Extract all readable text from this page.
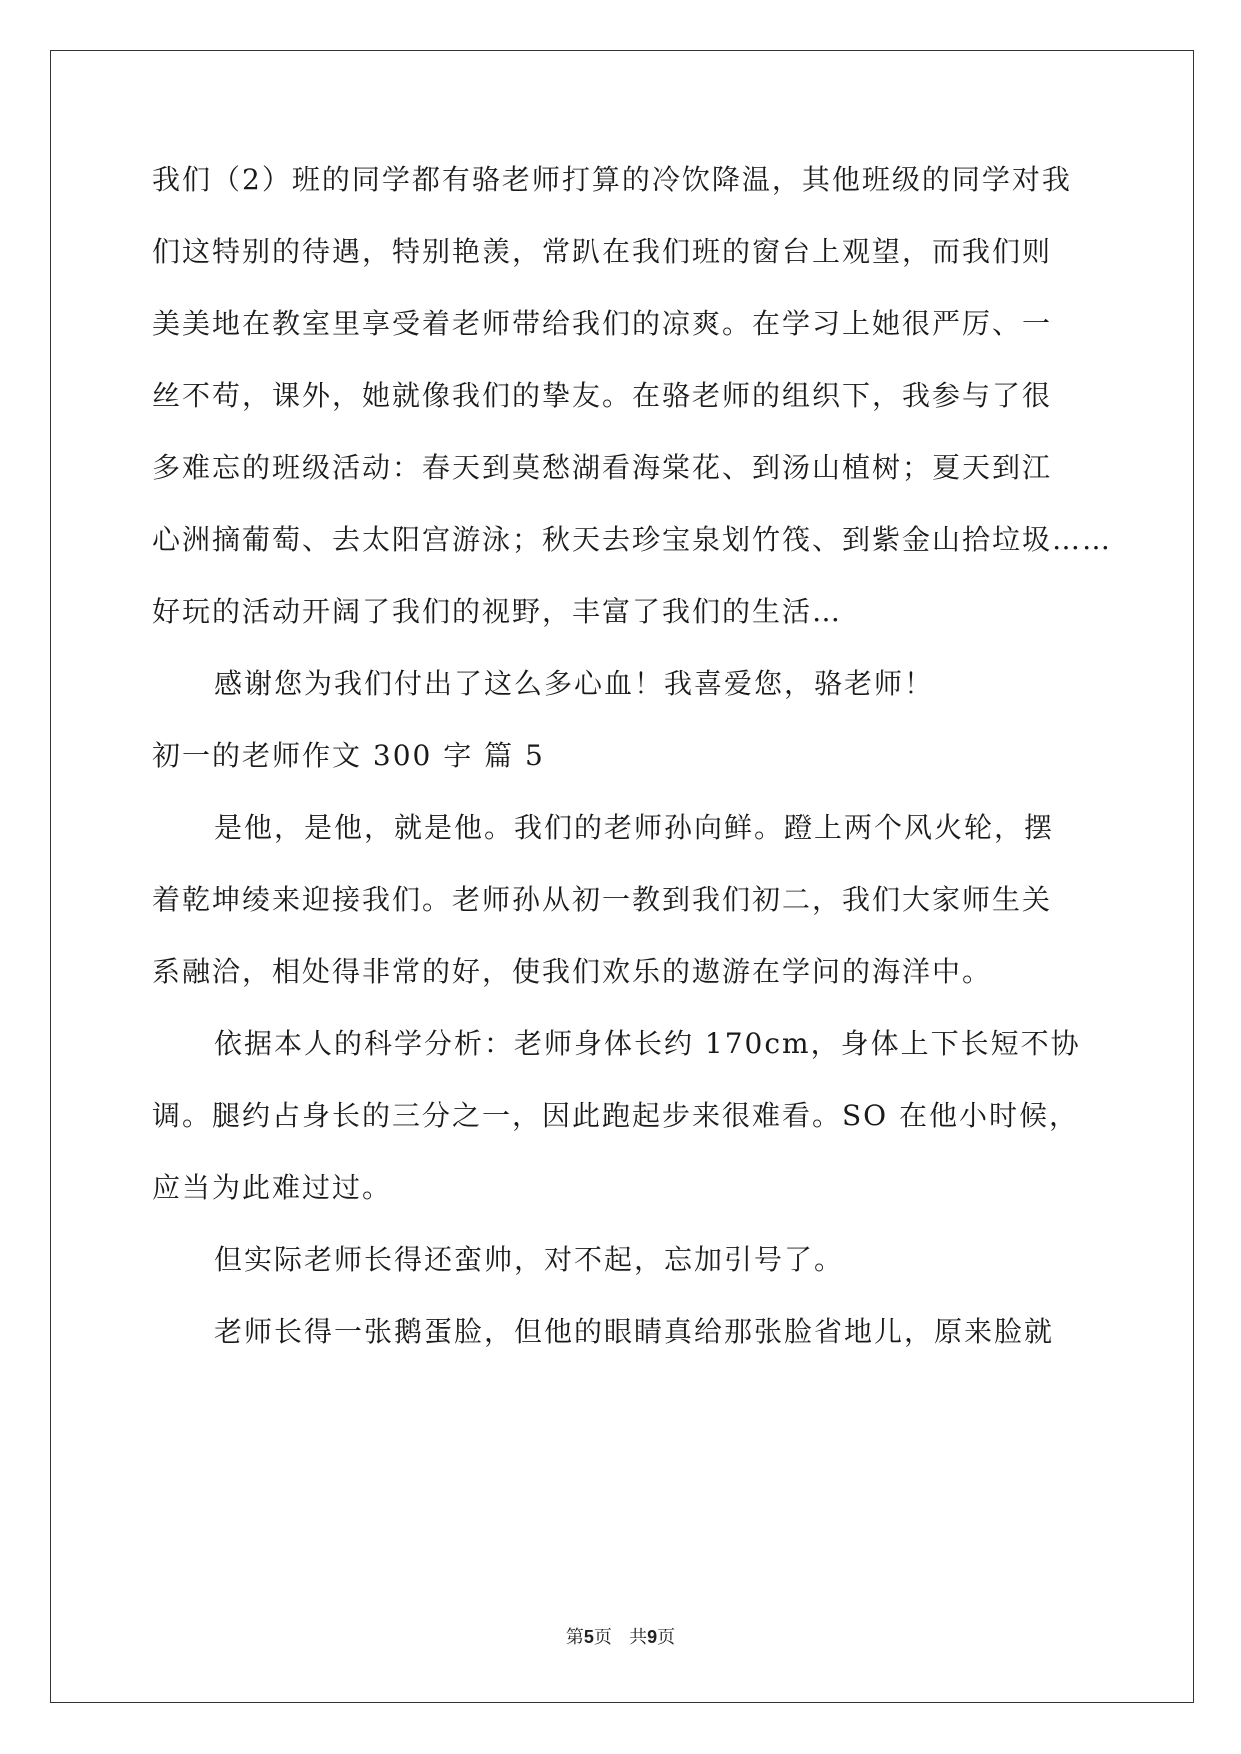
我们（2）班的同学都有骆老师打算的冷饮降温，其他班级的同学对我
们这特别的待遇，特别艳羡，常趴在我们班的窗台上观望，而我们则
美美地在教室里享受着老师带给我们的凉爽。在学习上她很严厉、一
丝不苟，课外，她就像我们的挚友。在骆老师的组织下，我参与了很
多难忘的班级活动：春天到莫愁湖看海棠花、到汤山植树；夏天到江
心洲摘葡萄、去太阳宫游泳；秋天去珍宝泉划竹筏、到紫金山拾垃圾……
好玩的活动开阔了我们的视野，丰富了我们的生活…
感谢您为我们付出了这么多心血！我喜爱您，骆老师！
初一的老师作文 300 字 篇 5
是他，是他，就是他。我们的老师孙向鲜。蹬上两个风火轮，摆
着乾坤绫来迎接我们。老师孙从初一教到我们初二，我们大家师生关
系融洽，相处得非常的好，使我们欢乐的遨游在学问的海洋中。
依据本人的科学分析：老师身体长约 170cm，身体上下长短不协
调。腿约占身长的三分之一，因此跑起步来很难看。SO 在他小时候，
应当为此难过过。
但实际老师长得还蛮帅，对不起，忘加引号了。
老师长得一张鹅蛋脸，但他的眼睛真给那张脸省地儿，原来脸就
第5页 共9页
